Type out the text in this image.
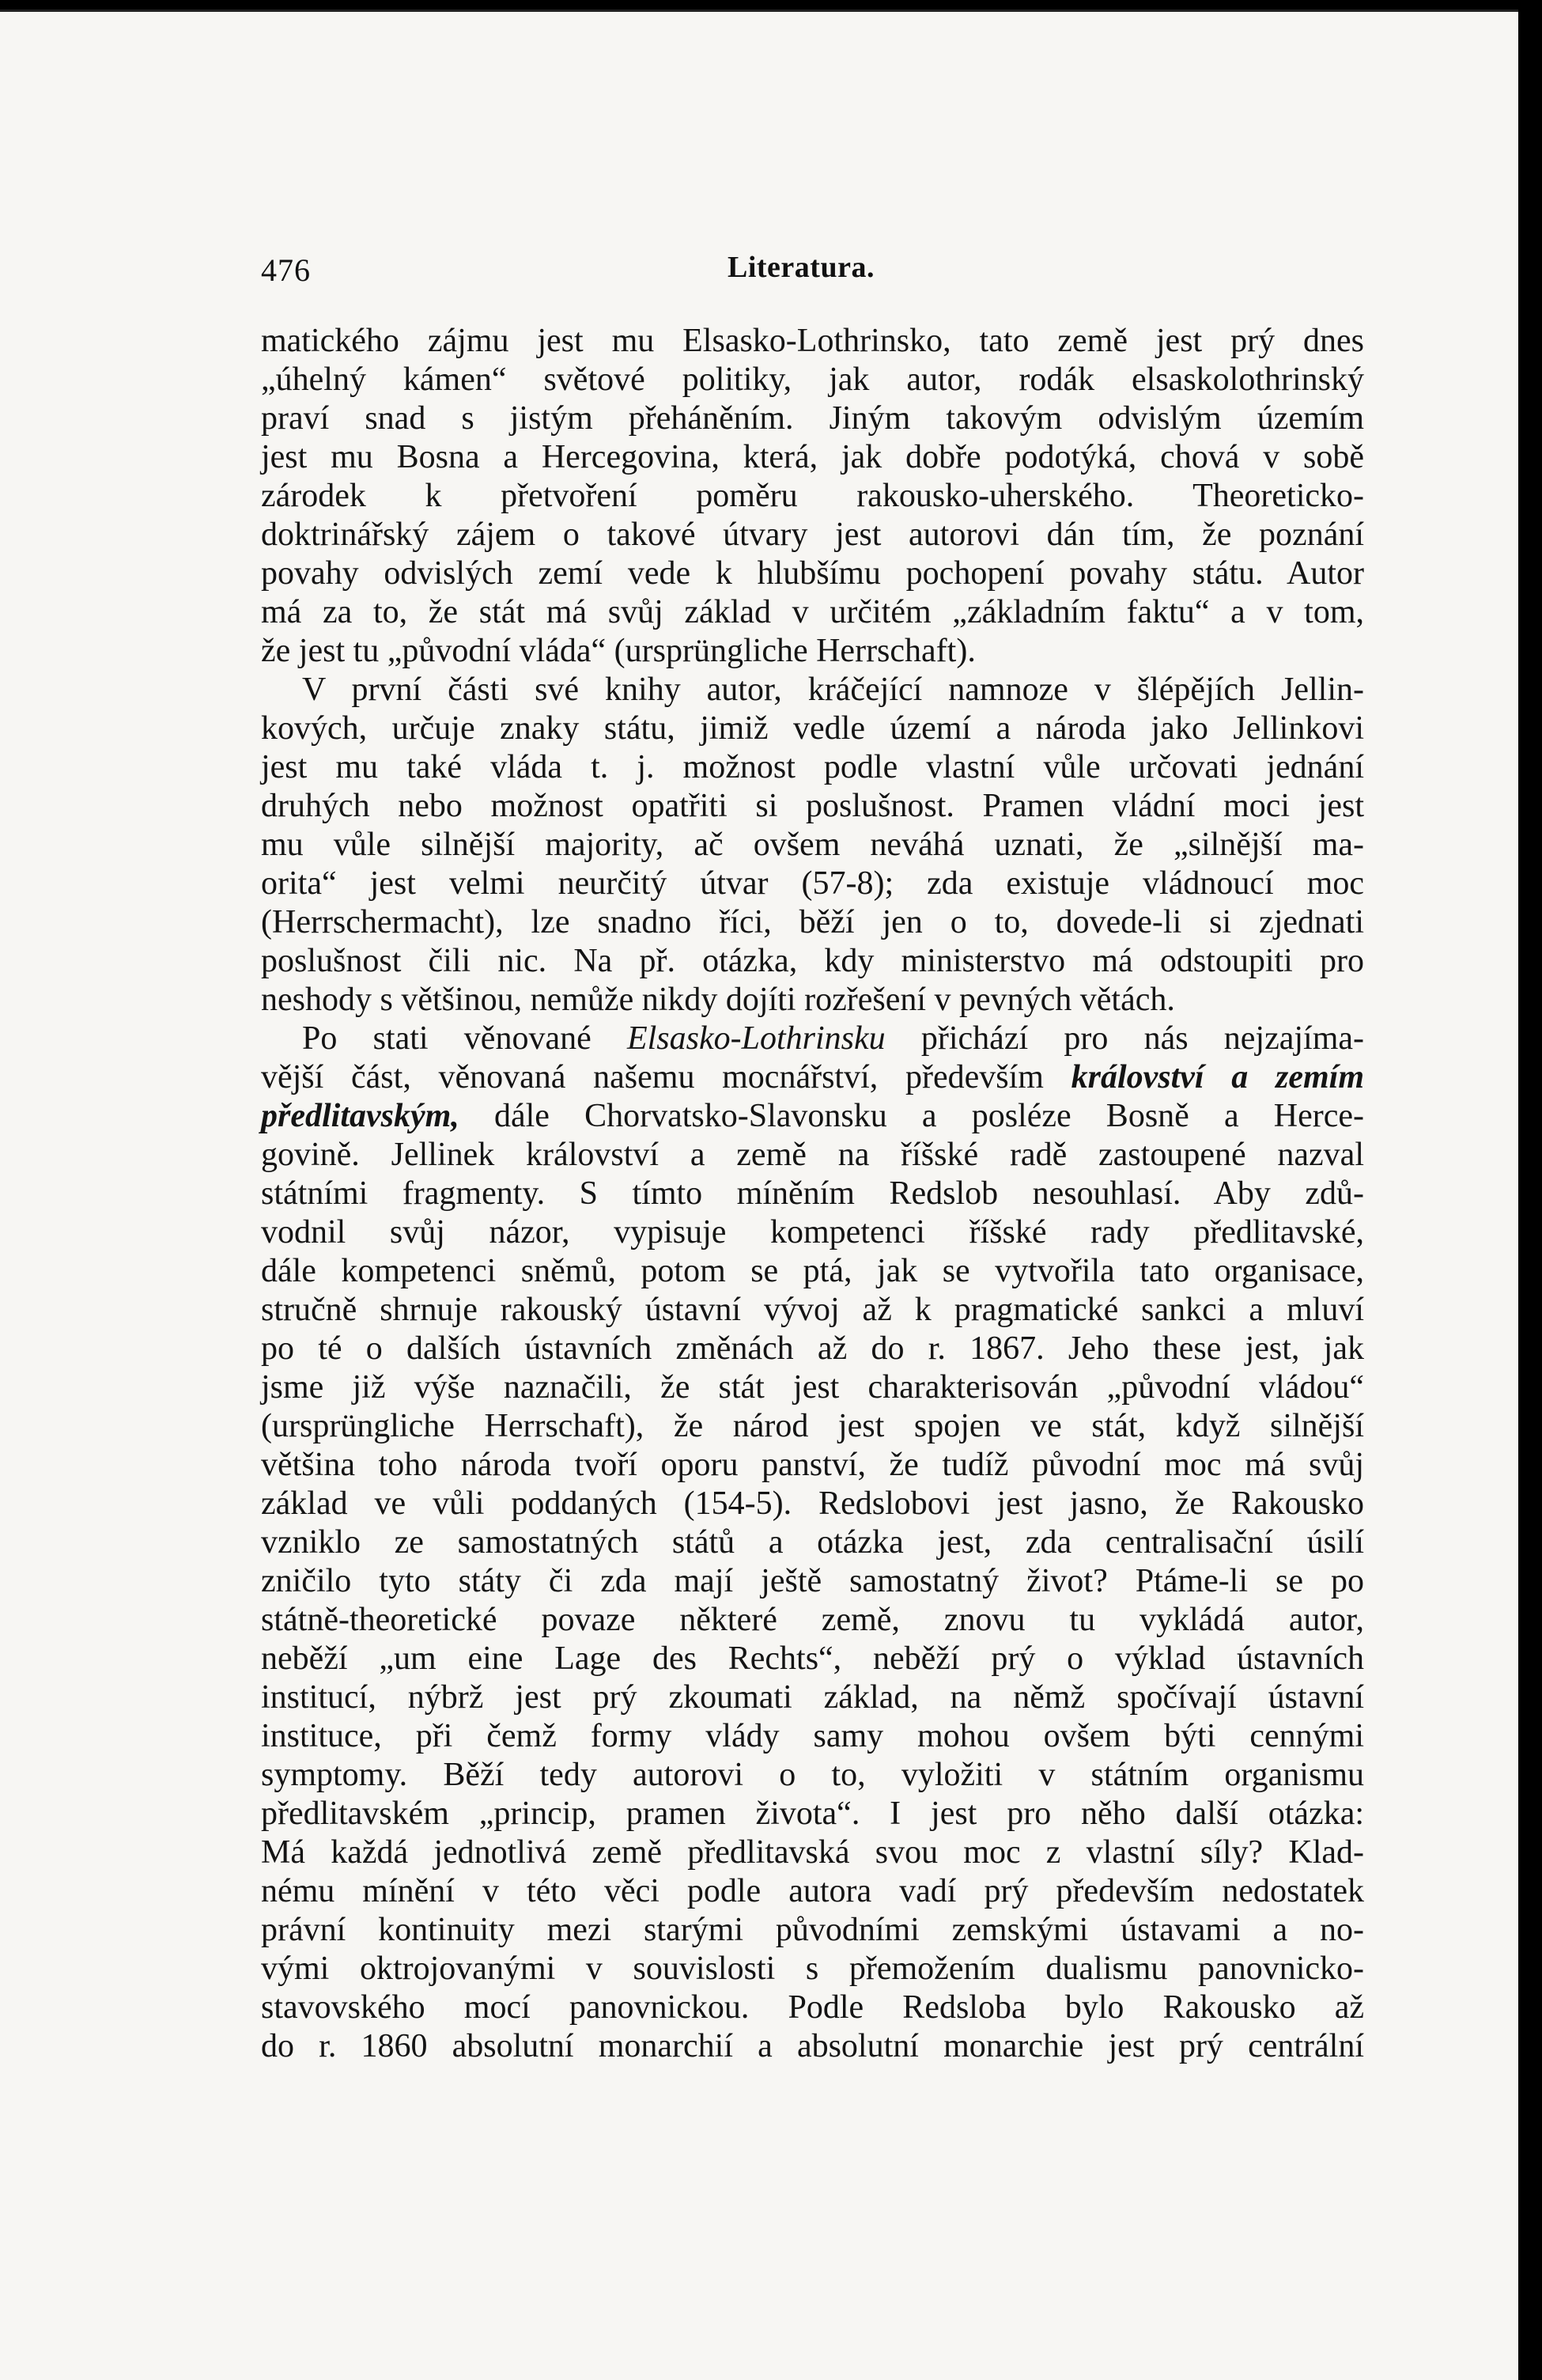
476	Literatura.
matického zájmu jest mu Elsasko-Lothrinsko, tato země jest prý dnes
„úhelný kámen“ světové politiky, jak autor, rodák elsaskolothrinský
praví snad s jistým přeháněním. Jiným takovým odvislým územím
jest mu Bosna a Hercegovina, která, jak dobře podotýká, chová v sobě
zárodek k přetvoření poměru rakousko-uherského. Theoreticko-
doktrinářský zájem o takové útvary jest autorovi dán tím, že poznání
povahy odvislých zemí vede k hlubšímu pochopení povahy státu. Autor
má za to, že stát má svůj základ v určitém „základním faktu“ a v tom,
že jest tu „původní vláda“ (ursprüngliche Herrschaft).
V první části své knihy autor, kráčející namnoze v šlépějích Jellin-
kových, určuje znaky státu, jimiž vedle území a národa jako Jellinkovi
jest mu také vláda t. j. možnost podle vlastní vůle určovati jednání
druhých nebo možnost opatřiti si poslušnost. Pramen vládní moci jest
mu vůle silnější majority, ač ovšem neváhá uznati, že „silnější ma-
orita“ jest velmi neurčitý útvar (57-8); zda existuje vládnoucí moc
(Herrschermacht), lze snadno říci, běží jen o to, dovede-li si zjednati
poslušnost čili nic. Na př. otázka, kdy ministerstvo má odstoupiti pro
neshody s většinou, nemůže nikdy dojíti rozřešení v pevných větách.
Po stati věnované Elsasko-Lothrinsku přichází pro nás nejzajíma-
vější část, věnovaná našemu mocnářství, především království a zemím
předlitavským, dále Chorvatsko-Slavonsku a posléze Bosně a Herce-
govině. Jellinek království a země na říšské radě zastoupené nazval
státními fragmenty. S tímto míněním Redslob nesouhlasí. Aby zdů-
vodnil svůj názor, vypisuje kompetenci říšské rady předlitavské,
dále kompetenci sněmů, potom se ptá, jak se vytvořila tato organisace,
stručně shrnuje rakouský ústavní vývoj až k pragmatické sankci a mluví
po té o dalších ústavních změnách až do r. 1867. Jeho these jest, jak
jsme již výše naznačili, že stát jest charakterisován „původní vládou“
(ursprüngliche Herrschaft), že národ jest spojen ve stát, když silnější
většina toho národa tvoří oporu panství, že tudíž původní moc má svůj
základ ve vůli poddaných (154-5). Redslobovi jest jasno, že Rakousko
vzniklo ze samostatných států a otázka jest, zda centralisační úsilí
zničilo tyto státy či zda mají ještě samostatný život? Ptáme-li se po
státně-theoretické povaze některé země, znovu tu vykládá autor,
neběží „um eine Lage des Rechts“, neběží prý o výklad ústavních
institucí, nýbrž jest prý zkoumati základ, na němž spočívají ústavní
instituce, při čemž formy vlády samy mohou ovšem býti cennými
symptomy. Běží tedy autorovi o to, vyložiti v státním organismu
předlitavském „princip, pramen života“. I jest pro něho další otázka:
Má každá jednotlivá země předlitavská svou moc z vlastní síly? Klad-
nému mínění v této věci podle autora vadí prý především nedostatek
právní kontinuity mezi starými původními zemskými ústavami a no-
vými oktrojovanými v souvislosti s přemožením dualismu panovnicko-
stavovského mocí panovnickou. Podle Redsloba bylo Rakousko až
do r. 1860 absolutní monarchií a absolutní monarchie jest prý centrální
